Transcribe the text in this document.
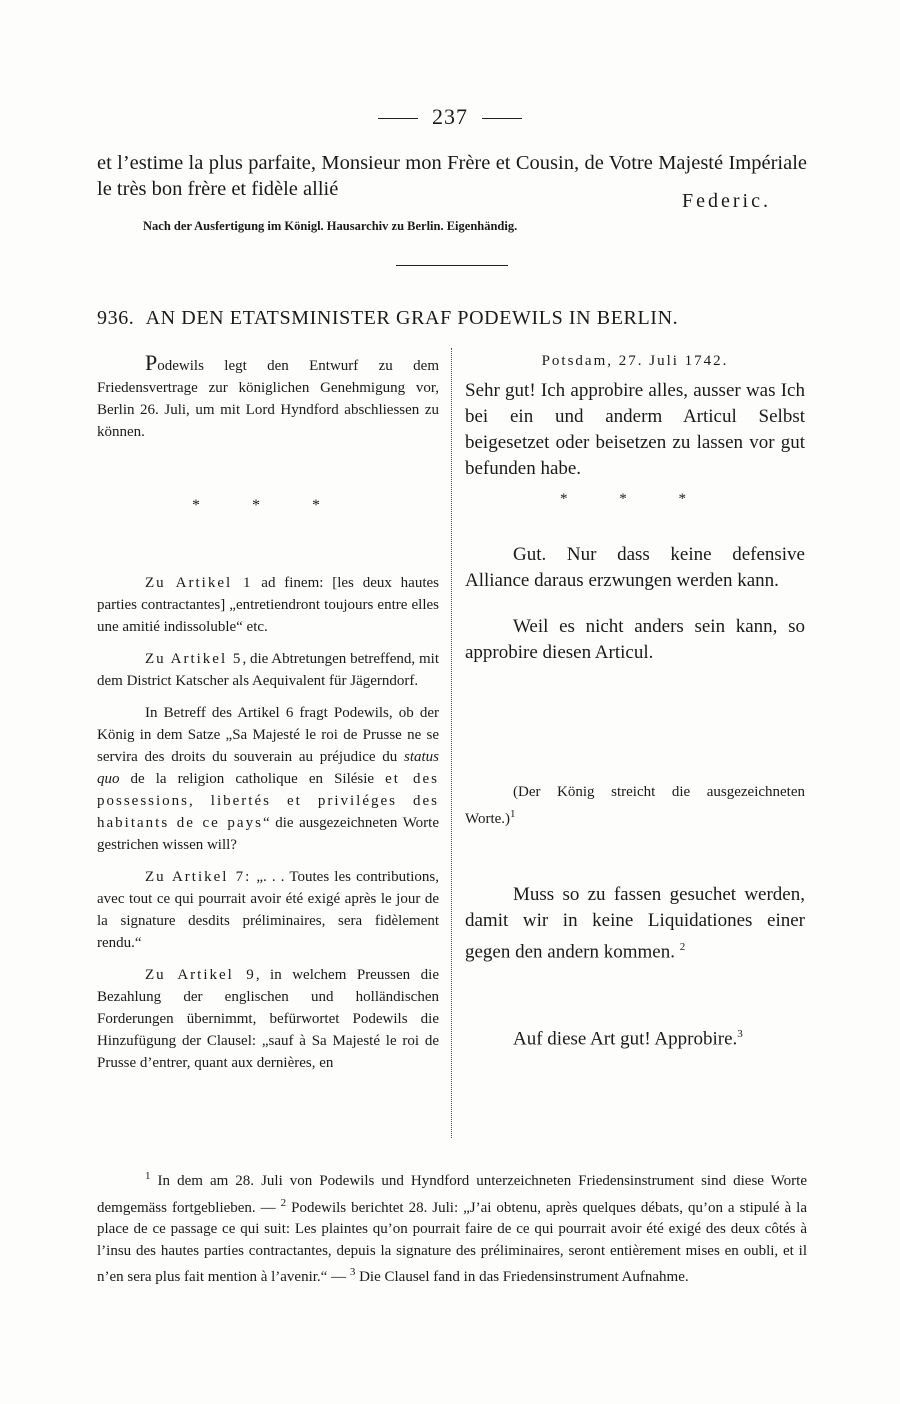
237
et l’estime la plus parfaite, Monsieur mon Frère et Cousin, de Votre Majesté Impériale le très bon frère et fidèle allié
Federic.
Nach der Ausfertigung im Königl. Hausarchiv zu Berlin. Eigenhändig.
936. AN DEN ETATSMINISTER GRAF PODEWILS IN BERLIN.

Podewils legt den Entwurf zu dem Friedensvertrage zur königlichen Genehmigung vor, Berlin 26. Juli, um mit Lord Hyndford abschliessen zu können.

* * *

Zu Artikel 1 ad finem: [les deux hautes parties contractantes] „entretiendront toujours entre elles une amitié indissoluble“ etc.

Zu Artikel 5, die Abtretungen betreffend, mit dem District Katscher als Aequivalent für Jägerndorf.

In Betreff des Artikel 6 fragt Podewils, ob der König in dem Satze „Sa Majesté le roi de Prusse ne se servira des droits du souverain au préjudice du status quo de la religion catholique en Silésie et des possessions, libertés et priviléges des habitants de ce pays“ die ausgezeichneten Worte gestrichen wissen will?

Zu Artikel 7: „. . . Toutes les contributions, avec tout ce qui pourrait avoir été exigé après le jour de la signature desdits préliminaires, sera fidèlement rendu.“

Zu Artikel 9, in welchem Preussen die Bezahlung der englischen und holländischen Forderungen übernimmt, befürwortet Podewils die Hinzufügung der Clausel: „sauf à Sa Majesté le roi de Prusse d’entrer, quant aux dernières, en

Potsdam, 27. Juli 1742.

Sehr gut! Ich approbire alles, ausser was Ich bei ein und anderm Articul Selbst beigesetzet oder beisetzen zu lassen vor gut befunden habe.

* * *

Gut. Nur dass keine defensive Alliance daraus erzwungen werden kann.

Weil es nicht anders sein kann, so approbire diesen Articul.

(Der König streicht die ausgezeichneten Worte.)$^1$

Muss so zu fassen gesuchet werden, damit wir in keine Liquidationes einer gegen den andern kommen. $^2$

Auf diese Art gut! Approbire.$^3$

$^1$ In dem am 28. Juli von Podewils und Hyndford unterzeichneten Friedensinstrument sind diese Worte demgemäss fortgeblieben. — $^2$ Podewils berichtet 28. Juli: „J’ai obtenu, après quelques débats, qu’on a stipulé à la place de ce passage ce qui suit: Les plaintes qu’on pourrait faire de ce qui pourrait avoir été exigé des deux côtés à l’insu des hautes parties contractantes, depuis la signature des préliminaires, seront entièrement mises en oubli, et il n’en sera plus fait mention à l’avenir.“ — $^3$ Die Clausel fand in das Friedensinstrument Aufnahme.
